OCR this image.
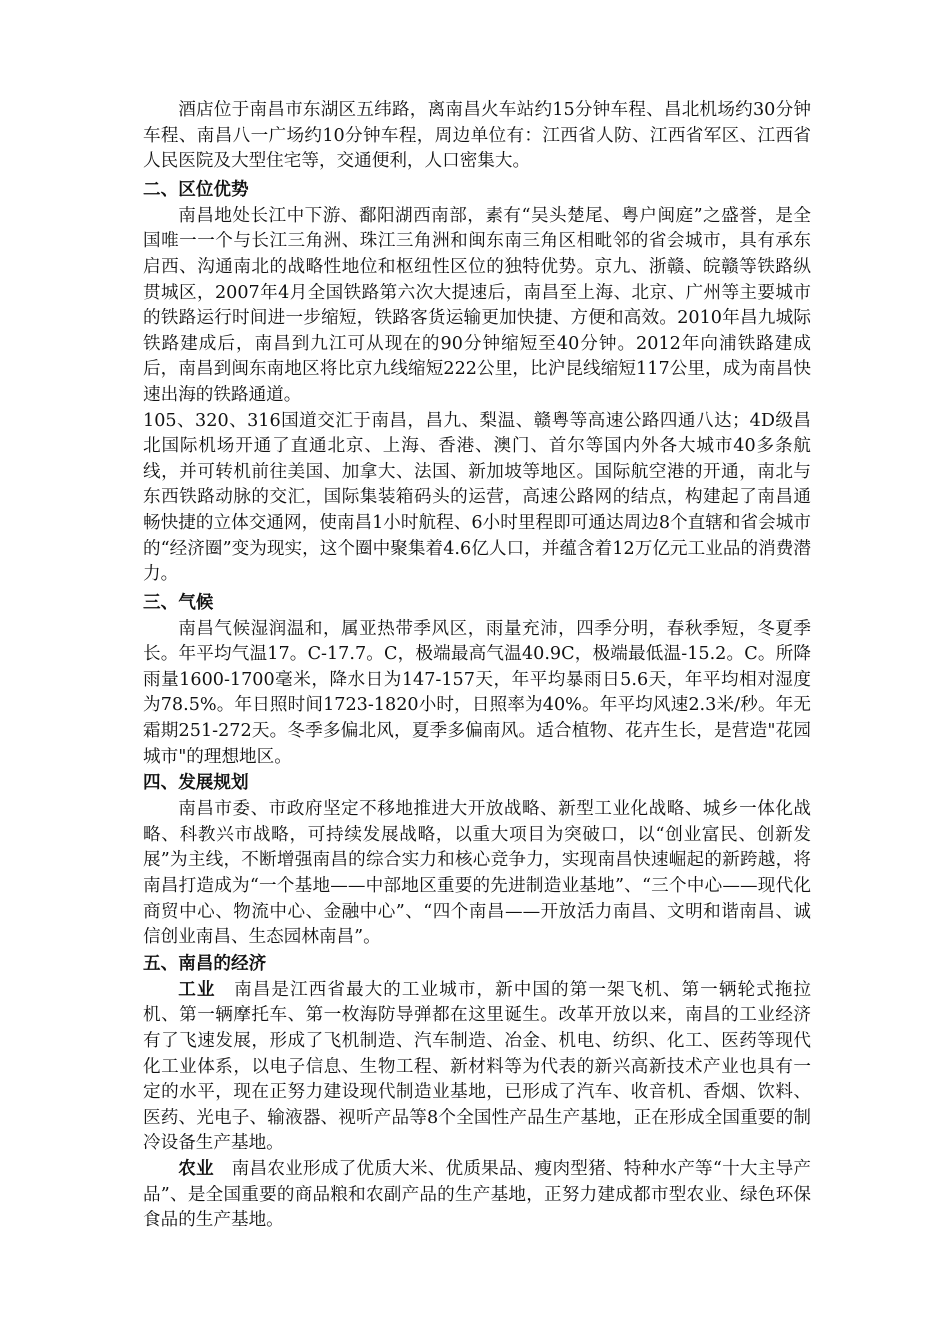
酒店位于南昌市东湖区五纬路，离南昌火车站约15分钟车程、昌北机场约30分钟车程、南昌八一广场约10分钟车程，周边单位有：江西省人防、江西省军区、江西省人民医院及大型住宅等，交通便利，人口密集大。

二、区位优势

南昌地处长江中下游、鄱阳湖西南部，素有“吴头楚尾、粤户闽庭”之盛誉，是全国唯一一个与长江三角洲、珠江三角洲和闽东南三角区相毗邻的省会城市，具有承东启西、沟通南北的战略性地位和枢纽性区位的独特优势。京九、浙赣、皖赣等铁路纵贯城区，2007年4月全国铁路第六次大提速后，南昌至上海、北京、广州等主要城市的铁路运行时间进一步缩短，铁路客货运输更加快捷、方便和高效。2010年昌九城际铁路建成后，南昌到九江可从现在的90分钟缩短至40分钟。2012年向浦铁路建成后，南昌到闽东南地区将比京九线缩短222公里，比沪昆线缩短117公里，成为南昌快速出海的铁路通道。

105、320、316国道交汇于南昌，昌九、梨温、赣粤等高速公路四通八达；4D级昌北国际机场开通了直通北京、上海、香港、澳门、首尔等国内外各大城市40多条航线，并可转机前往美国、加拿大、法国、新加坡等地区。国际航空港的开通，南北与东西铁路动脉的交汇，国际集装箱码头的运营，高速公路网的结点，构建起了南昌通畅快捷的立体交通网，使南昌1小时航程、6小时里程即可通达周边8个直辖和省会城市的“经济圈”变为现实，这个圈中聚集着4.6亿人口，并蕴含着12万亿元工业品的消费潜力。

三、气候

南昌气候湿润温和，属亚热带季风区，雨量充沛，四季分明，春秋季短，冬夏季长。年平均气温17。C-17.7。C，极端最高气温40.9C，极端最低温-15.2。C。所降雨量1600-1700毫米，降水日为147-157天，年平均暴雨日5.6天，年平均相对湿度为78.5%。年日照时间1723-1820小时，日照率为40%。年平均风速2.3米/秒。年无霜期251-272天。冬季多偏北风，夏季多偏南风。适合植物、花卉生长，是营造"花园城市"的理想地区。

四、发展规划

南昌市委、市政府坚定不移地推进大开放战略、新型工业化战略、城乡一体化战略、科教兴市战略，可持续发展战略，以重大项目为突破口，以“创业富民、创新发展”为主线，不断增强南昌的综合实力和核心竞争力，实现南昌快速崛起的新跨越，将南昌打造成为“一个基地——中部地区重要的先进制造业基地”、“三个中心——现代化商贸中心、物流中心、金融中心”、“四个南昌——开放活力南昌、文明和谐南昌、诚信创业南昌、生态园林南昌”。

五、南昌的经济

工业　 南昌是江西省最大的工业城市，新中国的第一架飞机、第一辆轮式拖拉机、第一辆摩托车、第一枚海防导弹都在这里诞生。改革开放以来，南昌的工业经济有了飞速发展，形成了飞机制造、汽车制造、冶金、机电、纺织、化工、医药等现代化工业体系，以电子信息、生物工程、新材料等为代表的新兴高新技术产业也具有一定的水平，现在正努力建设现代制造业基地，已形成了汽车、收音机、香烟、饮料、医药、光电子、输液器、视听产品等8个全国性产品生产基地，正在形成全国重要的制冷设备生产基地。

农业　 南昌农业形成了优质大米、优质果品、瘦肉型猪、特种水产等“十大主导产品”、是全国重要的商品粮和农副产品的生产基地，正努力建成都市型农业、绿色环保食品的生产基地。
